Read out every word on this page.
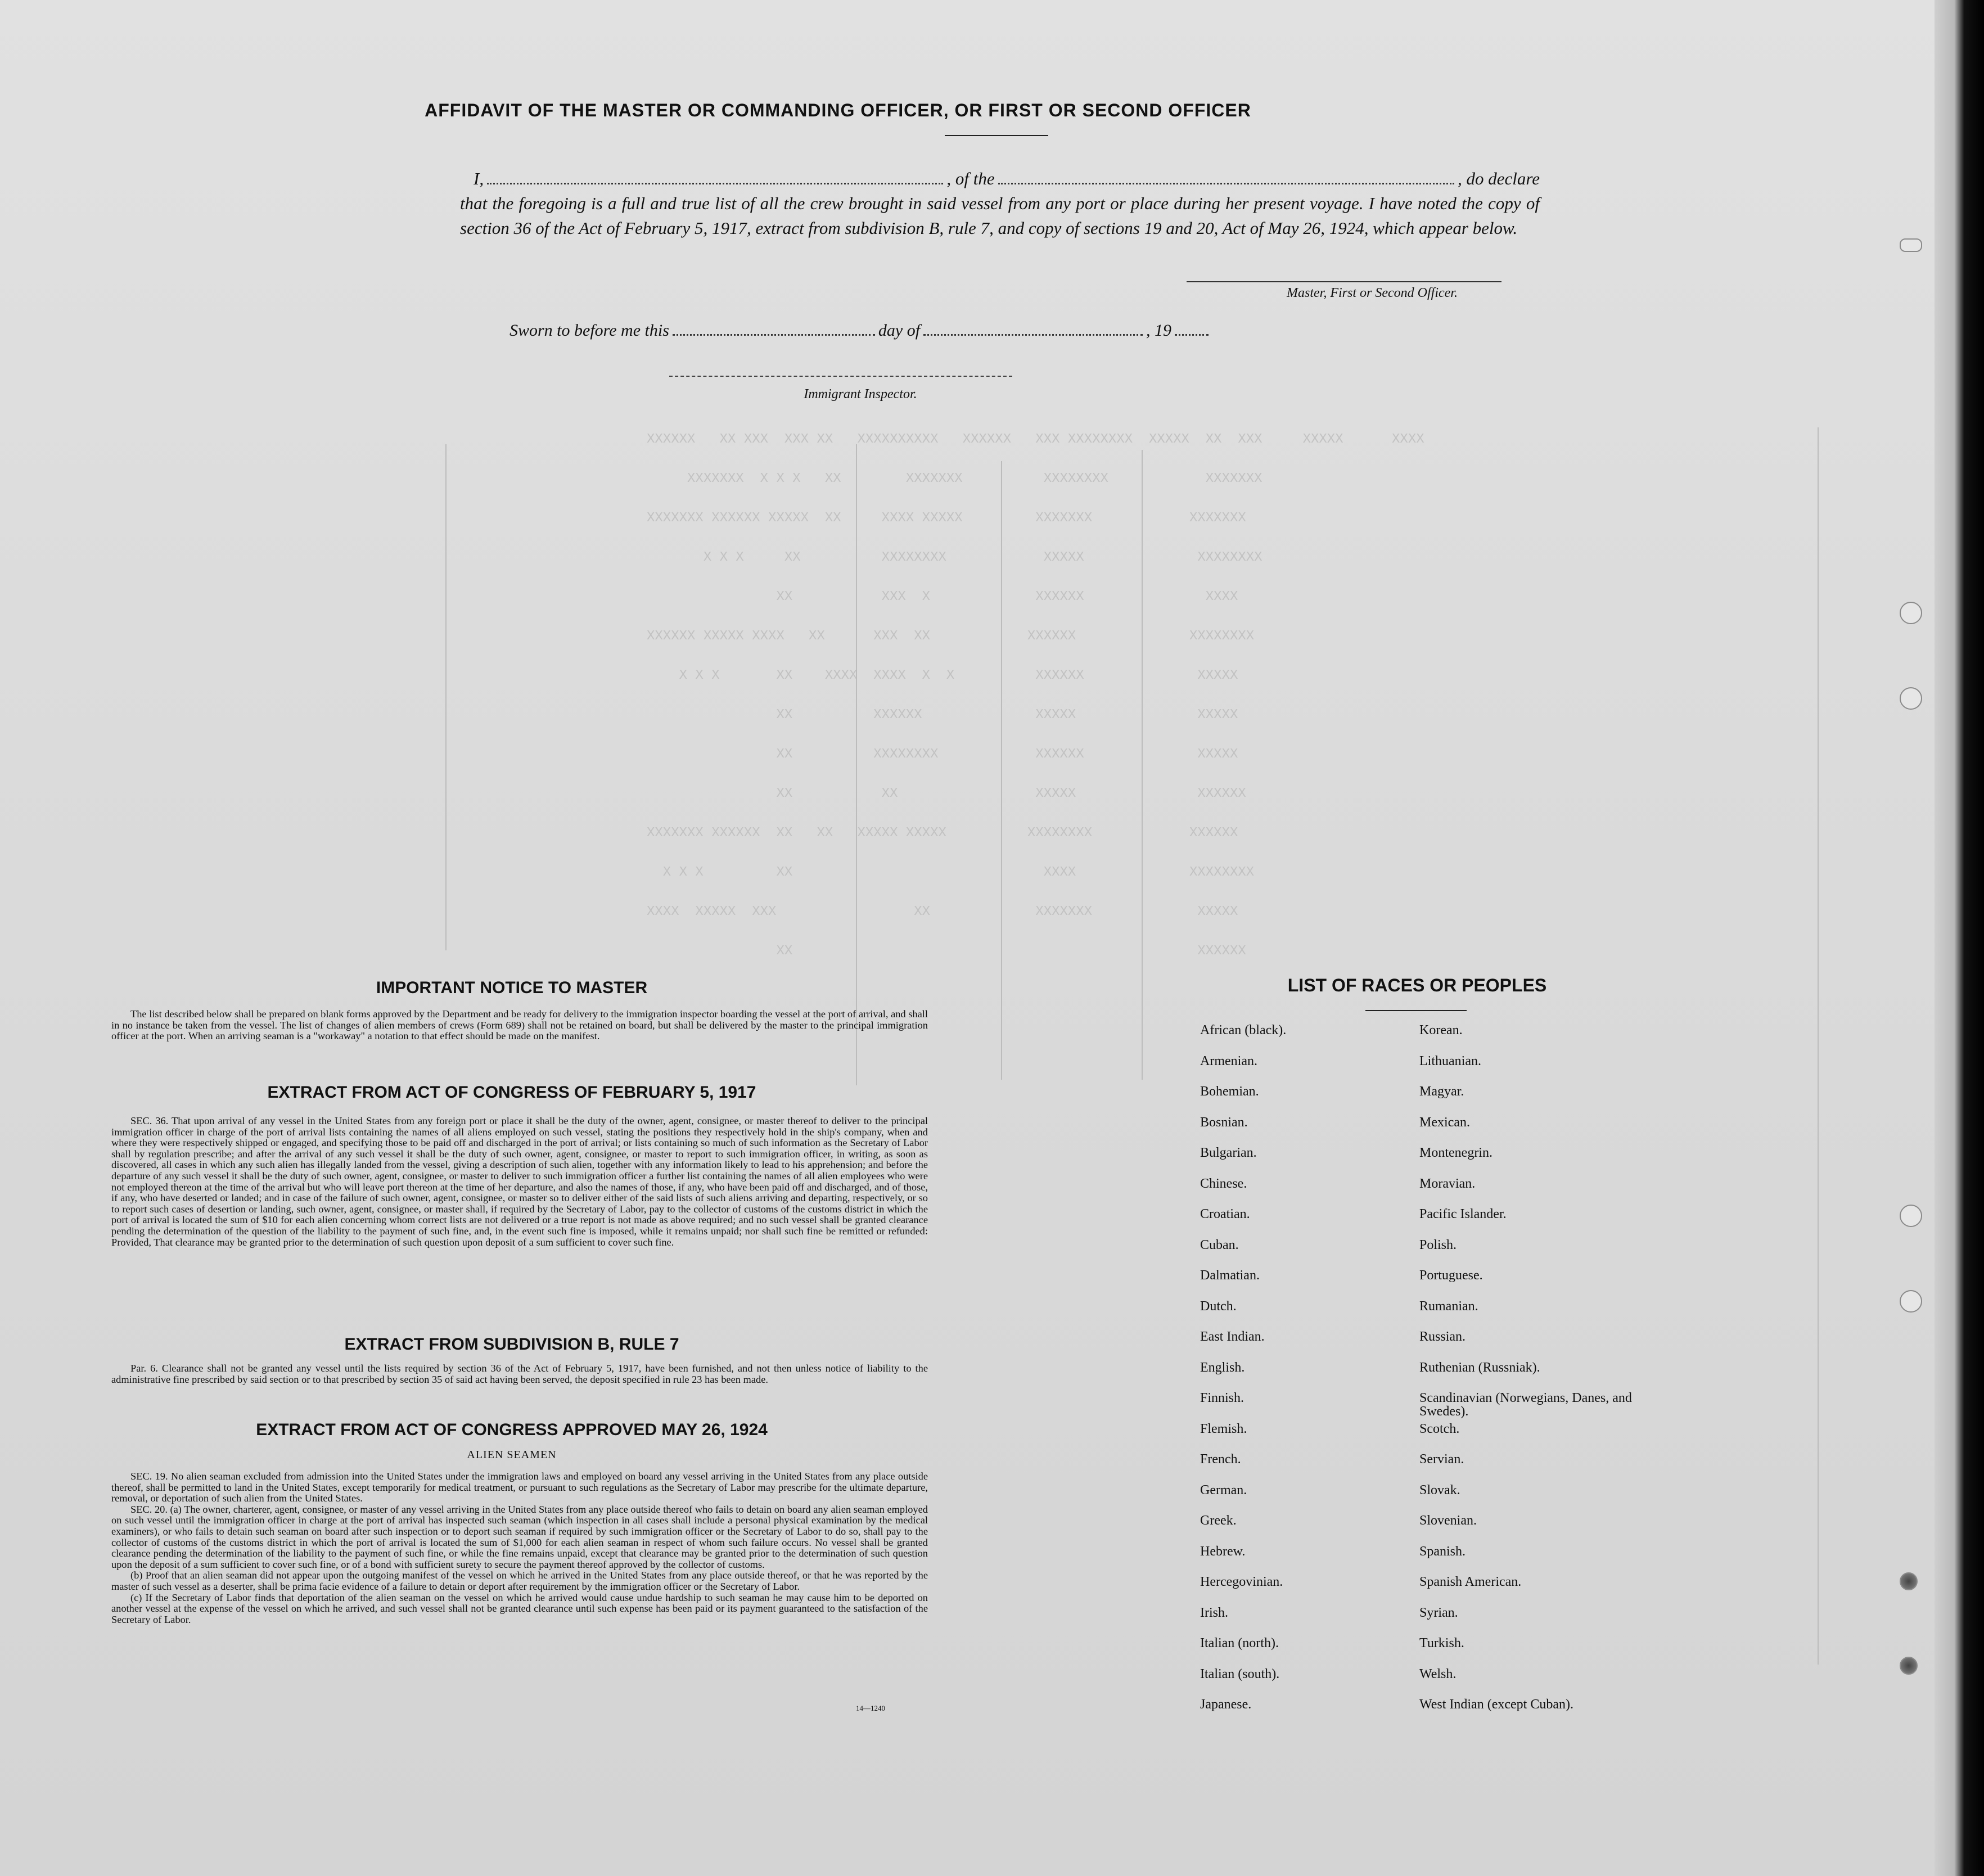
XXXXXX   XX XXX  XXX XX   XXXXXXXXXX   XXXXXX   XXX XXXXXXXX  XXXXX  XX  XXX     XXXXX      XXXX
XXXXXXX  X X X   XX        XXXXXXX          XXXXXXXX            XXXXXXX
XXXXXXX XXXXXX XXXXX  XX     XXXX XXXXX         XXXXXXX            XXXXXXX
X X X     XX          XXXXXXXX            XXXXX              XXXXXXXX
XX           XXX  X             XXXXXX               XXXX
XXXXXX XXXXX XXXX   XX      XXX  XX            XXXXXX              XXXXXXXX
X X X       XX    XXXX  XXXX  X  X          XXXXXX              XXXXX
XX          XXXXXX              XXXXX               XXXXX
XX          XXXXXXXX            XXXXXX              XXXXX
XX           XX                 XXXXX               XXXXXX
XXXXXXX XXXXXX  XX   XX   XXXXX XXXXX          XXXXXXXX            XXXXXX
X X X         XX                               XXXX              XXXXXXXX
XXXX  XXXXX  XXX                 XX             XXXXXXX             XXXXX
XX                                                  XXXXXX
AFFIDAVIT OF THE MASTER OR COMMANDING OFFICER, OR FIRST OR SECOND OFFICER
I,	, of the	, do declare
that the foregoing is a full and true list of all the crew brought in said vessel from any port or place during her present voyage. I have noted the copy of section 36 of the Act of February 5, 1917, extract from subdivision B, rule 7, and copy of sections 19 and 20, Act of May 26, 1924, which appear below.
Master, First or Second Officer.
Sworn to before me this	day of	, 19
Immigrant Inspector.
IMPORTANT NOTICE TO MASTER

The list described below shall be prepared on blank forms approved by the Department and be ready for delivery to the immigration inspector boarding the vessel at the port of arrival, and shall in no instance be taken from the vessel. The list of changes of alien members of crews (Form 689) shall not be retained on board, but shall be delivered by the master to the principal immigration officer at the port. When an arriving seaman is a "workaway" a notation to that effect should be made on the manifest.

EXTRACT FROM ACT OF CONGRESS OF FEBRUARY 5, 1917

SEC. 36. That upon arrival of any vessel in the United States from any foreign port or place it shall be the duty of the owner, agent, consignee, or master thereof to deliver to the principal immigration officer in charge of the port of arrival lists containing the names of all aliens employed on such vessel, stating the positions they respectively hold in the ship's company, when and where they were respectively shipped or engaged, and specifying those to be paid off and discharged in the port of arrival; or lists containing so much of such information as the Secretary of Labor shall by regulation prescribe; and after the arrival of any such vessel it shall be the duty of such owner, agent, consignee, or master to report to such immigration officer, in writing, as soon as discovered, all cases in which any such alien has illegally landed from the vessel, giving a description of such alien, together with any information likely to lead to his apprehension; and before the departure of any such vessel it shall be the duty of such owner, agent, consignee, or master to deliver to such immigration officer a further list containing the names of all alien employees who were not employed thereon at the time of the arrival but who will leave port thereon at the time of her departure, and also the names of those, if any, who have been paid off and discharged, and of those, if any, who have deserted or landed; and in case of the failure of such owner, agent, consignee, or master so to deliver either of the said lists of such aliens arriving and departing, respectively, or so to report such cases of desertion or landing, such owner, agent, consignee, or master shall, if required by the Secretary of Labor, pay to the collector of customs of the customs district in which the port of arrival is located the sum of $10 for each alien concerning whom correct lists are not delivered or a true report is not made as above required; and no such vessel shall be granted clearance pending the determination of the question of the liability to the payment of such fine, and, in the event such fine is imposed, while it remains unpaid; nor shall such fine be remitted or refunded: Provided, That clearance may be granted prior to the determination of such question upon deposit of a sum sufficient to cover such fine.

EXTRACT FROM SUBDIVISION B, RULE 7

Par. 6. Clearance shall not be granted any vessel until the lists required by section 36 of the Act of February 5, 1917, have been furnished, and not then unless notice of liability to the administrative fine prescribed by said section or to that prescribed by section 35 of said act having been served, the deposit specified in rule 23 has been made.

EXTRACT FROM ACT OF CONGRESS APPROVED MAY 26, 1924
ALIEN SEAMEN

SEC. 19. No alien seaman excluded from admission into the United States under the immigration laws and employed on board any vessel arriving in the United States from any place outside thereof, shall be permitted to land in the United States, except temporarily for medical treatment, or pursuant to such regulations as the Secretary of Labor may prescribe for the ultimate departure, removal, or deportation of such alien from the United States.

SEC. 20. (a) The owner, charterer, agent, consignee, or master of any vessel arriving in the United States from any place outside thereof who fails to detain on board any alien seaman employed on such vessel until the immigration officer in charge at the port of arrival has inspected such seaman (which inspection in all cases shall include a personal physical examination by the medical examiners), or who fails to detain such seaman on board after such inspection or to deport such seaman if required by such immigration officer or the Secretary of Labor to do so, shall pay to the collector of customs of the customs district in which the port of arrival is located the sum of $1,000 for each alien seaman in respect of whom such failure occurs. No vessel shall be granted clearance pending the determination of the liability to the payment of such fine, or while the fine remains unpaid, except that clearance may be granted prior to the determination of such question upon the deposit of a sum sufficient to cover such fine, or of a bond with sufficient surety to secure the payment thereof approved by the collector of customs.

(b) Proof that an alien seaman did not appear upon the outgoing manifest of the vessel on which he arrived in the United States from any place outside thereof, or that he was reported by the master of such vessel as a deserter, shall be prima facie evidence of a failure to detain or deport after requirement by the immigration officer or the Secretary of Labor.

(c) If the Secretary of Labor finds that deportation of the alien seaman on the vessel on which he arrived would cause undue hardship to such seaman he may cause him to be deported on another vessel at the expense of the vessel on which he arrived, and such vessel shall not be granted clearance until such expense has been paid or its payment guaranteed to the satisfaction of the Secretary of Labor.

14—1240
LIST OF RACES OR PEOPLES
African (black).	Korean.
Armenian.	Lithuanian.
Bohemian.	Magyar.
Bosnian.	Mexican.
Bulgarian.	Montenegrin.
Chinese.	Moravian.
Croatian.	Pacific Islander.
Cuban.	Polish.
Dalmatian.	Portuguese.
Dutch.	Rumanian.
East Indian.	Russian.
English.	Ruthenian (Russniak).
Finnish.	Scandinavian (Norwegians, Danes, and Swedes).
Flemish.	Scotch.
French.	Servian.
German.	Slovak.
Greek.	Slovenian.
Hebrew.	Spanish.
Hercegovinian.	Spanish American.
Irish.	Syrian.
Italian (north).	Turkish.
Italian (south).	Welsh.
Japanese.	West Indian (except Cuban).
